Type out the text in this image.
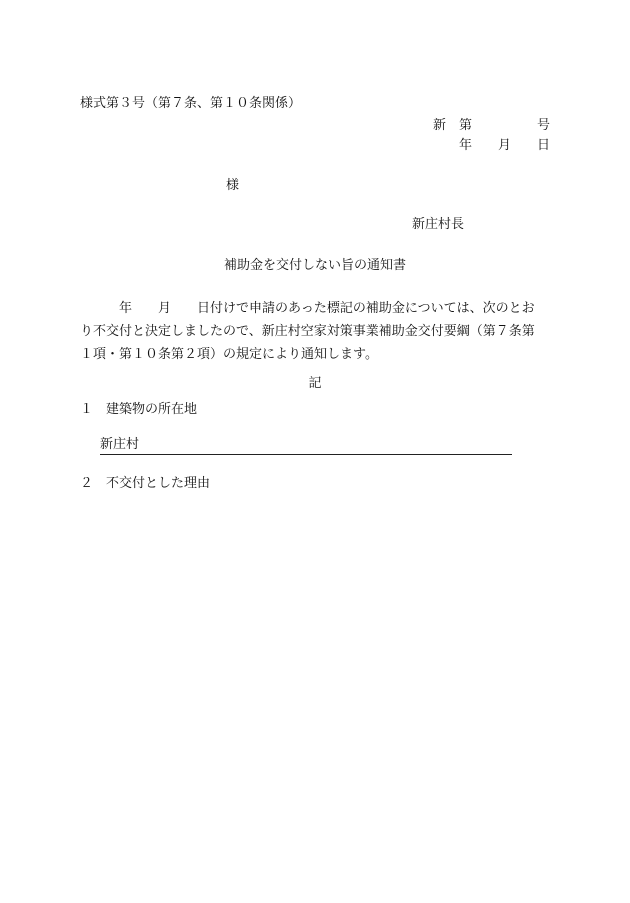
様式第３号（第７条、第１０条関係）
新　第　　　　　号
年　　月　　日
様
新庄村長
補助金を交付しない旨の通知書
　　　年　　月　　日付けで申請のあった標記の補助金については、次のとお
り不交付と決定しましたので、新庄村空家対策事業補助金交付要綱（第７条第
１項・第１０条第２項）の規定により通知します。
記
１　建築物の所在地
新庄村
２　不交付とした理由
